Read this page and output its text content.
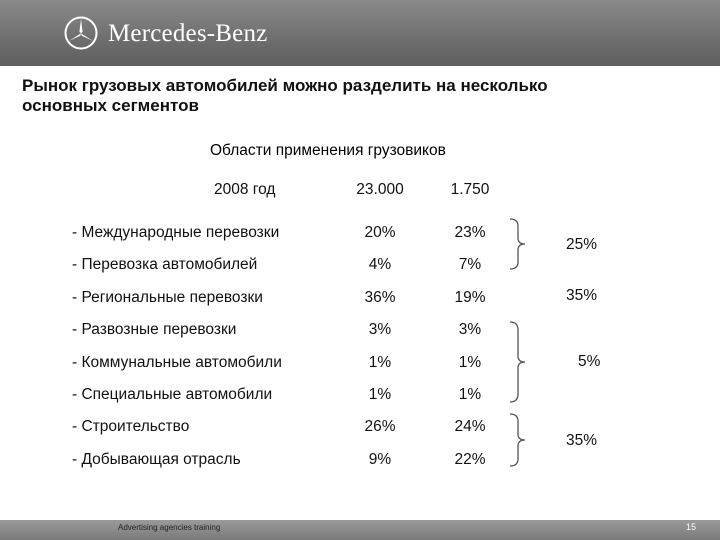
Mercedes-Benz
Рынок грузовых автомобилей можно разделить на несколько основных сегментов
Области применения грузовиков
2008 год	23.000	1.750
- Международные перевозки	20%	23%
- Перевозка автомобилей	4%	7%
- Региональные перевозки	36%	19%
- Развозные перевозки	3%	3%
- Коммунальные автомобили	1%	1%
- Специальные автомобили	1%	1%
- Строительство	26%	24%
- Добывающая отрасль	9%	22%
25%
35%
5%
35%
Advertising agencies training	15
